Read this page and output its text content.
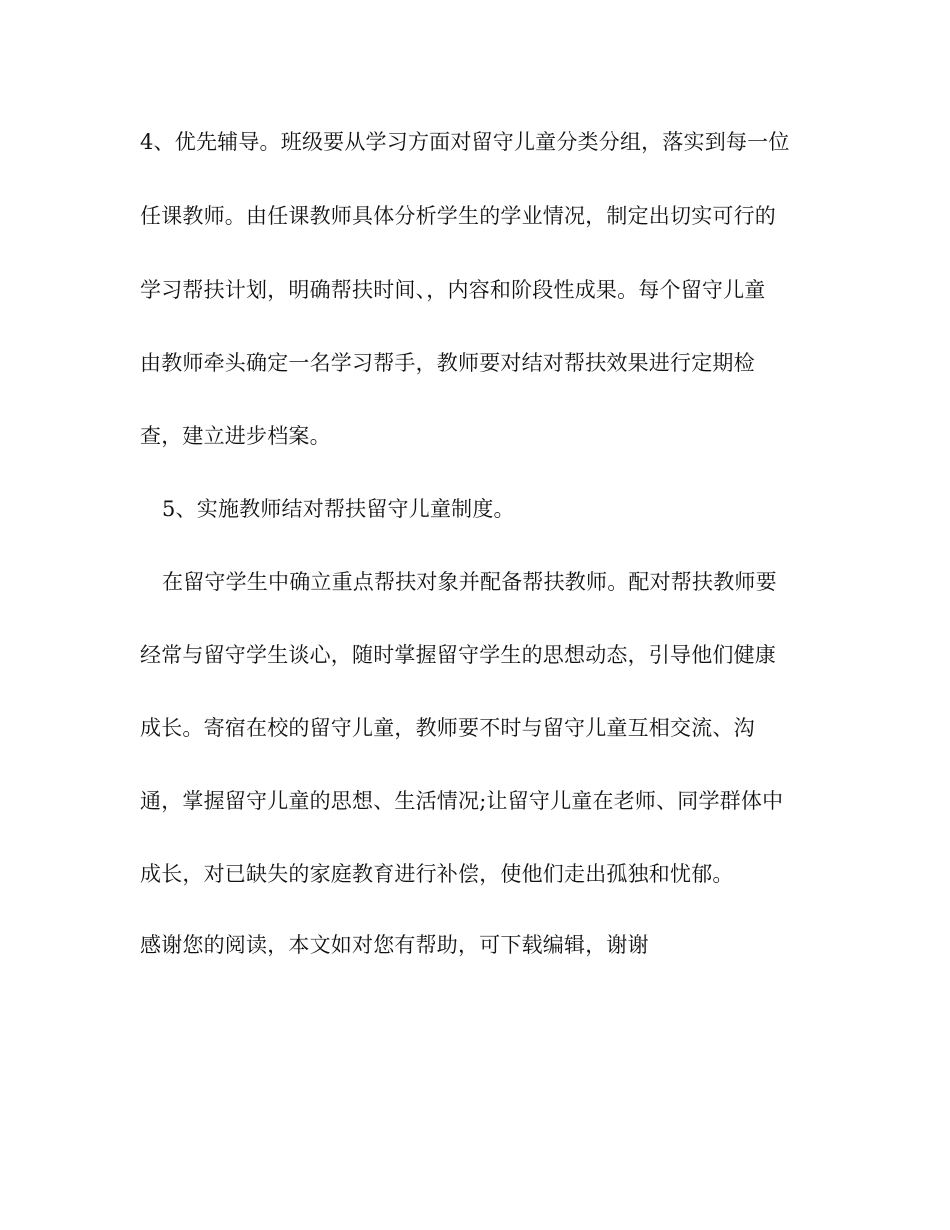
4、优先辅导。班级要从学习方面对留守儿童分类分组，落实到每一位
任课教师。由任课教师具体分析学生的学业情况，制定出切实可行的
学习帮扶计划，明确帮扶时间、，内容和阶段性成果。每个留守儿童
由教师牵头确定一名学习帮手，教师要对结对帮扶效果进行定期检
查，建立进步档案。
5、实施教师结对帮扶留守儿童制度。
在留守学生中确立重点帮扶对象并配备帮扶教师。配对帮扶教师要
经常与留守学生谈心，随时掌握留守学生的思想动态，引导他们健康
成长。寄宿在校的留守儿童，教师要不时与留守儿童互相交流、沟
通，掌握留守儿童的思想、生活情况;让留守儿童在老师、同学群体中
成长，对已缺失的家庭教育进行补偿，使他们走出孤独和忧郁。
感谢您的阅读，本文如对您有帮助，可下载编辑，谢谢
